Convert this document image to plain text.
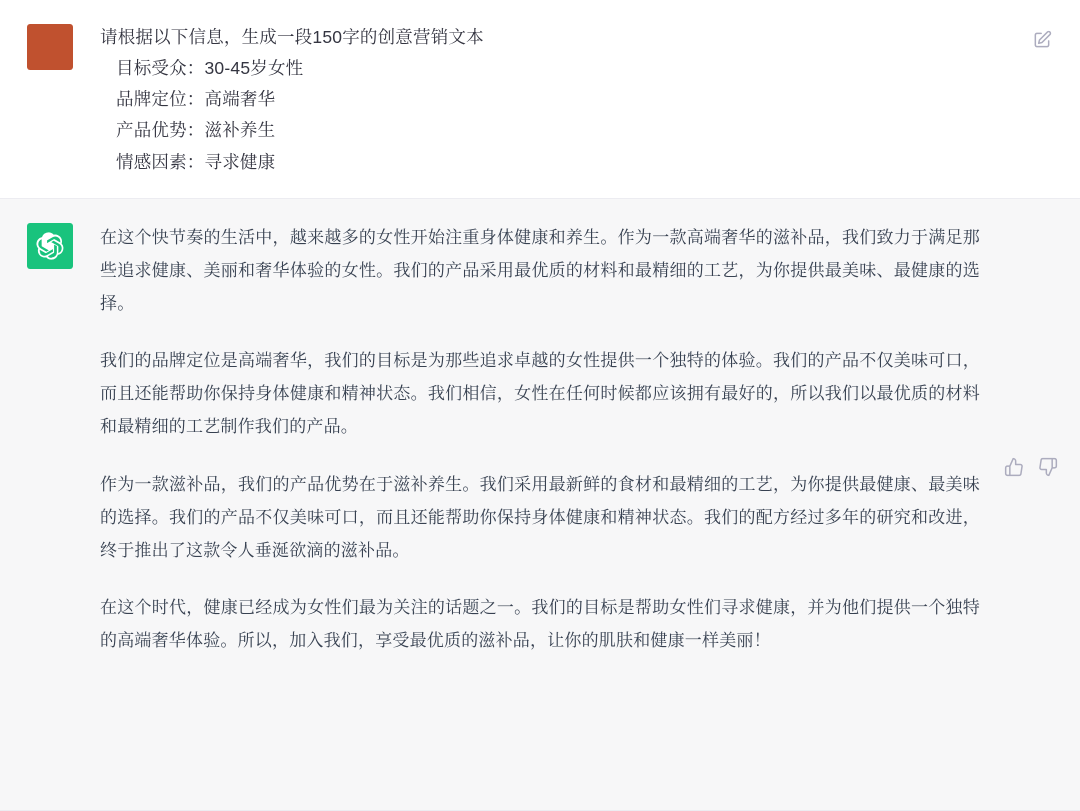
请根据以下信息，生成一段150字的创意营销文本
目标受众：30-45岁女性
品牌定位：高端奢华
产品优势：滋补养生
情感因素：寻求健康

在这个快节奏的生活中，越来越多的女性开始注重身体健康和养生。作为一款高端奢华的滋补品，我们致力于满足那些追求健康、美丽和奢华体验的女性。我们的产品采用最优质的材料和最精细的工艺，为你提供最美味、最健康的选择。

我们的品牌定位是高端奢华，我们的目标是为那些追求卓越的女性提供一个独特的体验。我们的产品不仅美味可口，而且还能帮助你保持身体健康和精神状态。我们相信，女性在任何时候都应该拥有最好的，所以我们以最优质的材料和最精细的工艺制作我们的产品。

作为一款滋补品，我们的产品优势在于滋补养生。我们采用最新鲜的食材和最精细的工艺，为你提供最健康、最美味的选择。我们的产品不仅美味可口，而且还能帮助你保持身体健康和精神状态。我们的配方经过多年的研究和改进，终于推出了这款令人垂涎欲滴的滋补品。

在这个时代，健康已经成为女性们最为关注的话题之一。我们的目标是帮助女性们寻求健康，并为他们提供一个独特的高端奢华体验。所以，加入我们，享受最优质的滋补品，让你的肌肤和健康一样美丽！
